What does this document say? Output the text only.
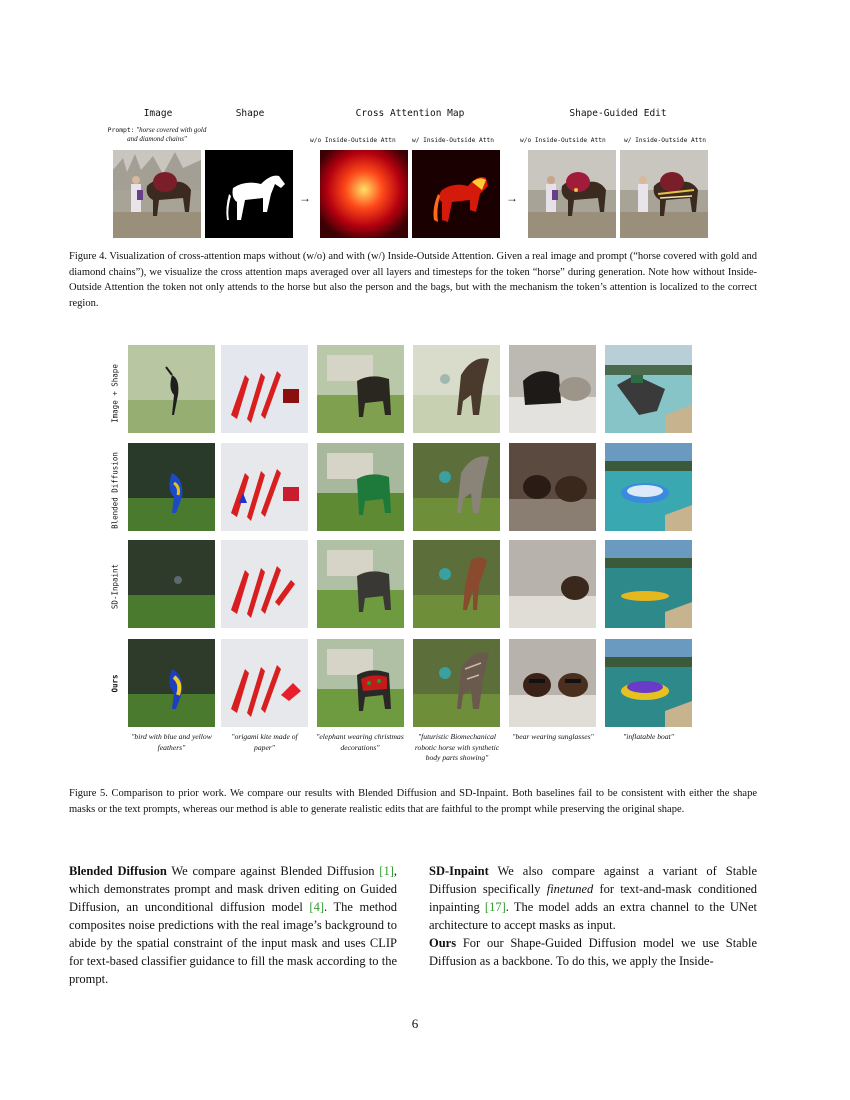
Image	Shape	Cross Attention Map	Shape-Guided Edit
Prompt: "horse covered with gold and diamond chains"	w/o Inside-Outside Attn	w/ Inside-Outside Attn	w/o Inside-Outside Attn	w/ Inside-Outside Attn
→	→
Figure 4. Visualization of cross-attention maps without (w/o) and with (w/) Inside-Outside Attention. Given a real image and prompt (“horse covered with gold and diamond chains”), we visualize the cross attention maps averaged over all layers and timesteps for the token “horse” during generation. Note how without Inside-Outside Attention the token not only attends to the horse but also the person and the bags, but with the mechanism the token’s attention is localized to the correct region.
Image + Shape
Blended Diffusion
SD-Inpaint
Ours
"bird with blue and yellow feathers"
"origami kite made of paper"
"elephant wearing christmas decorations"
"futuristic Biomechanical robotic horse with synthetic body parts showing"
"bear wearing sunglasses"	"inflatable boat"
Figure 5. Comparison to prior work. We compare our results with Blended Diffusion and SD-Inpaint. Both baselines fail to be consistent with either the shape masks or the text prompts, whereas our method is able to generate realistic edits that are faithful to the prompt while preserving the original shape.
Blended Diffusion We compare against Blended Diffusion [1], which demonstrates prompt and mask driven editing on Guided Diffusion, an unconditional diffusion model [4]. The method composites noise predictions with the real image’s background to abide by the spatial constraint of the input mask and uses CLIP for text-based classifier guidance to fill the mask according to the prompt.
SD-Inpaint We also compare against a variant of Stable Diffusion specifically finetuned for text-and-mask conditioned inpainting [17]. The model adds an extra channel to the UNet architecture to accept masks as input.
Ours For our Shape-Guided Diffusion model we use Stable Diffusion as a backbone. To do this, we apply the Inside-
6
